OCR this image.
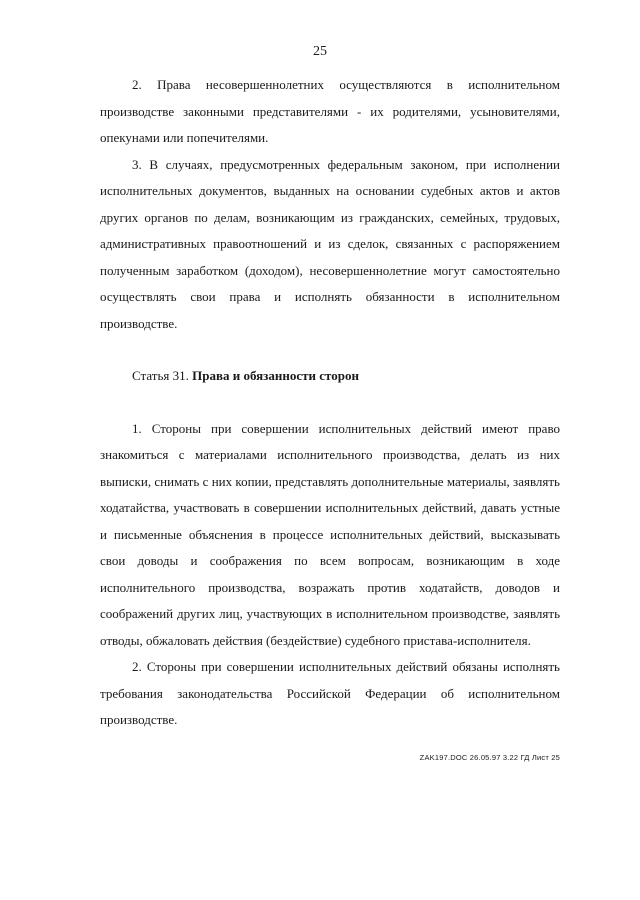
25

2. Права несовершеннолетних осуществляются в исполнительном производстве законными представителями - их родителями, усыновителями, опекунами или попечителями.

3. В случаях, предусмотренных федеральным законом, при исполнении исполнительных документов, выданных на основании судебных актов и актов других органов по делам, возникающим из гражданских, семейных, трудовых, административных правоотношений и из сделок, связанных с распоряжением полученным заработком (доходом), несовершеннолетние могут самостоятельно осуществлять свои права и исполнять обязанности в исполнительном производстве.

Статья 31. Права и обязанности сторон

1. Стороны при совершении исполнительных действий имеют право знакомиться с материалами исполнительного производства, делать из них выписки, снимать с них копии, представлять дополнительные материалы, заявлять ходатайства, участвовать в совершении исполнительных действий, давать устные и письменные объяснения в процессе исполнительных действий, высказывать свои доводы и соображения по всем вопросам, возникающим в ходе исполнительного производства, возражать против ходатайств, доводов и соображений других лиц, участвующих в исполнительном производстве, заявлять отводы, обжаловать действия (бездействие) судебного пристава-исполнителя.

2. Стороны при совершении исполнительных действий обязаны исполнять требования законодательства Российской Федерации об исполнительном производстве.

ZAK197.DOC 26.05.97 3.22 ГД Лист 25
